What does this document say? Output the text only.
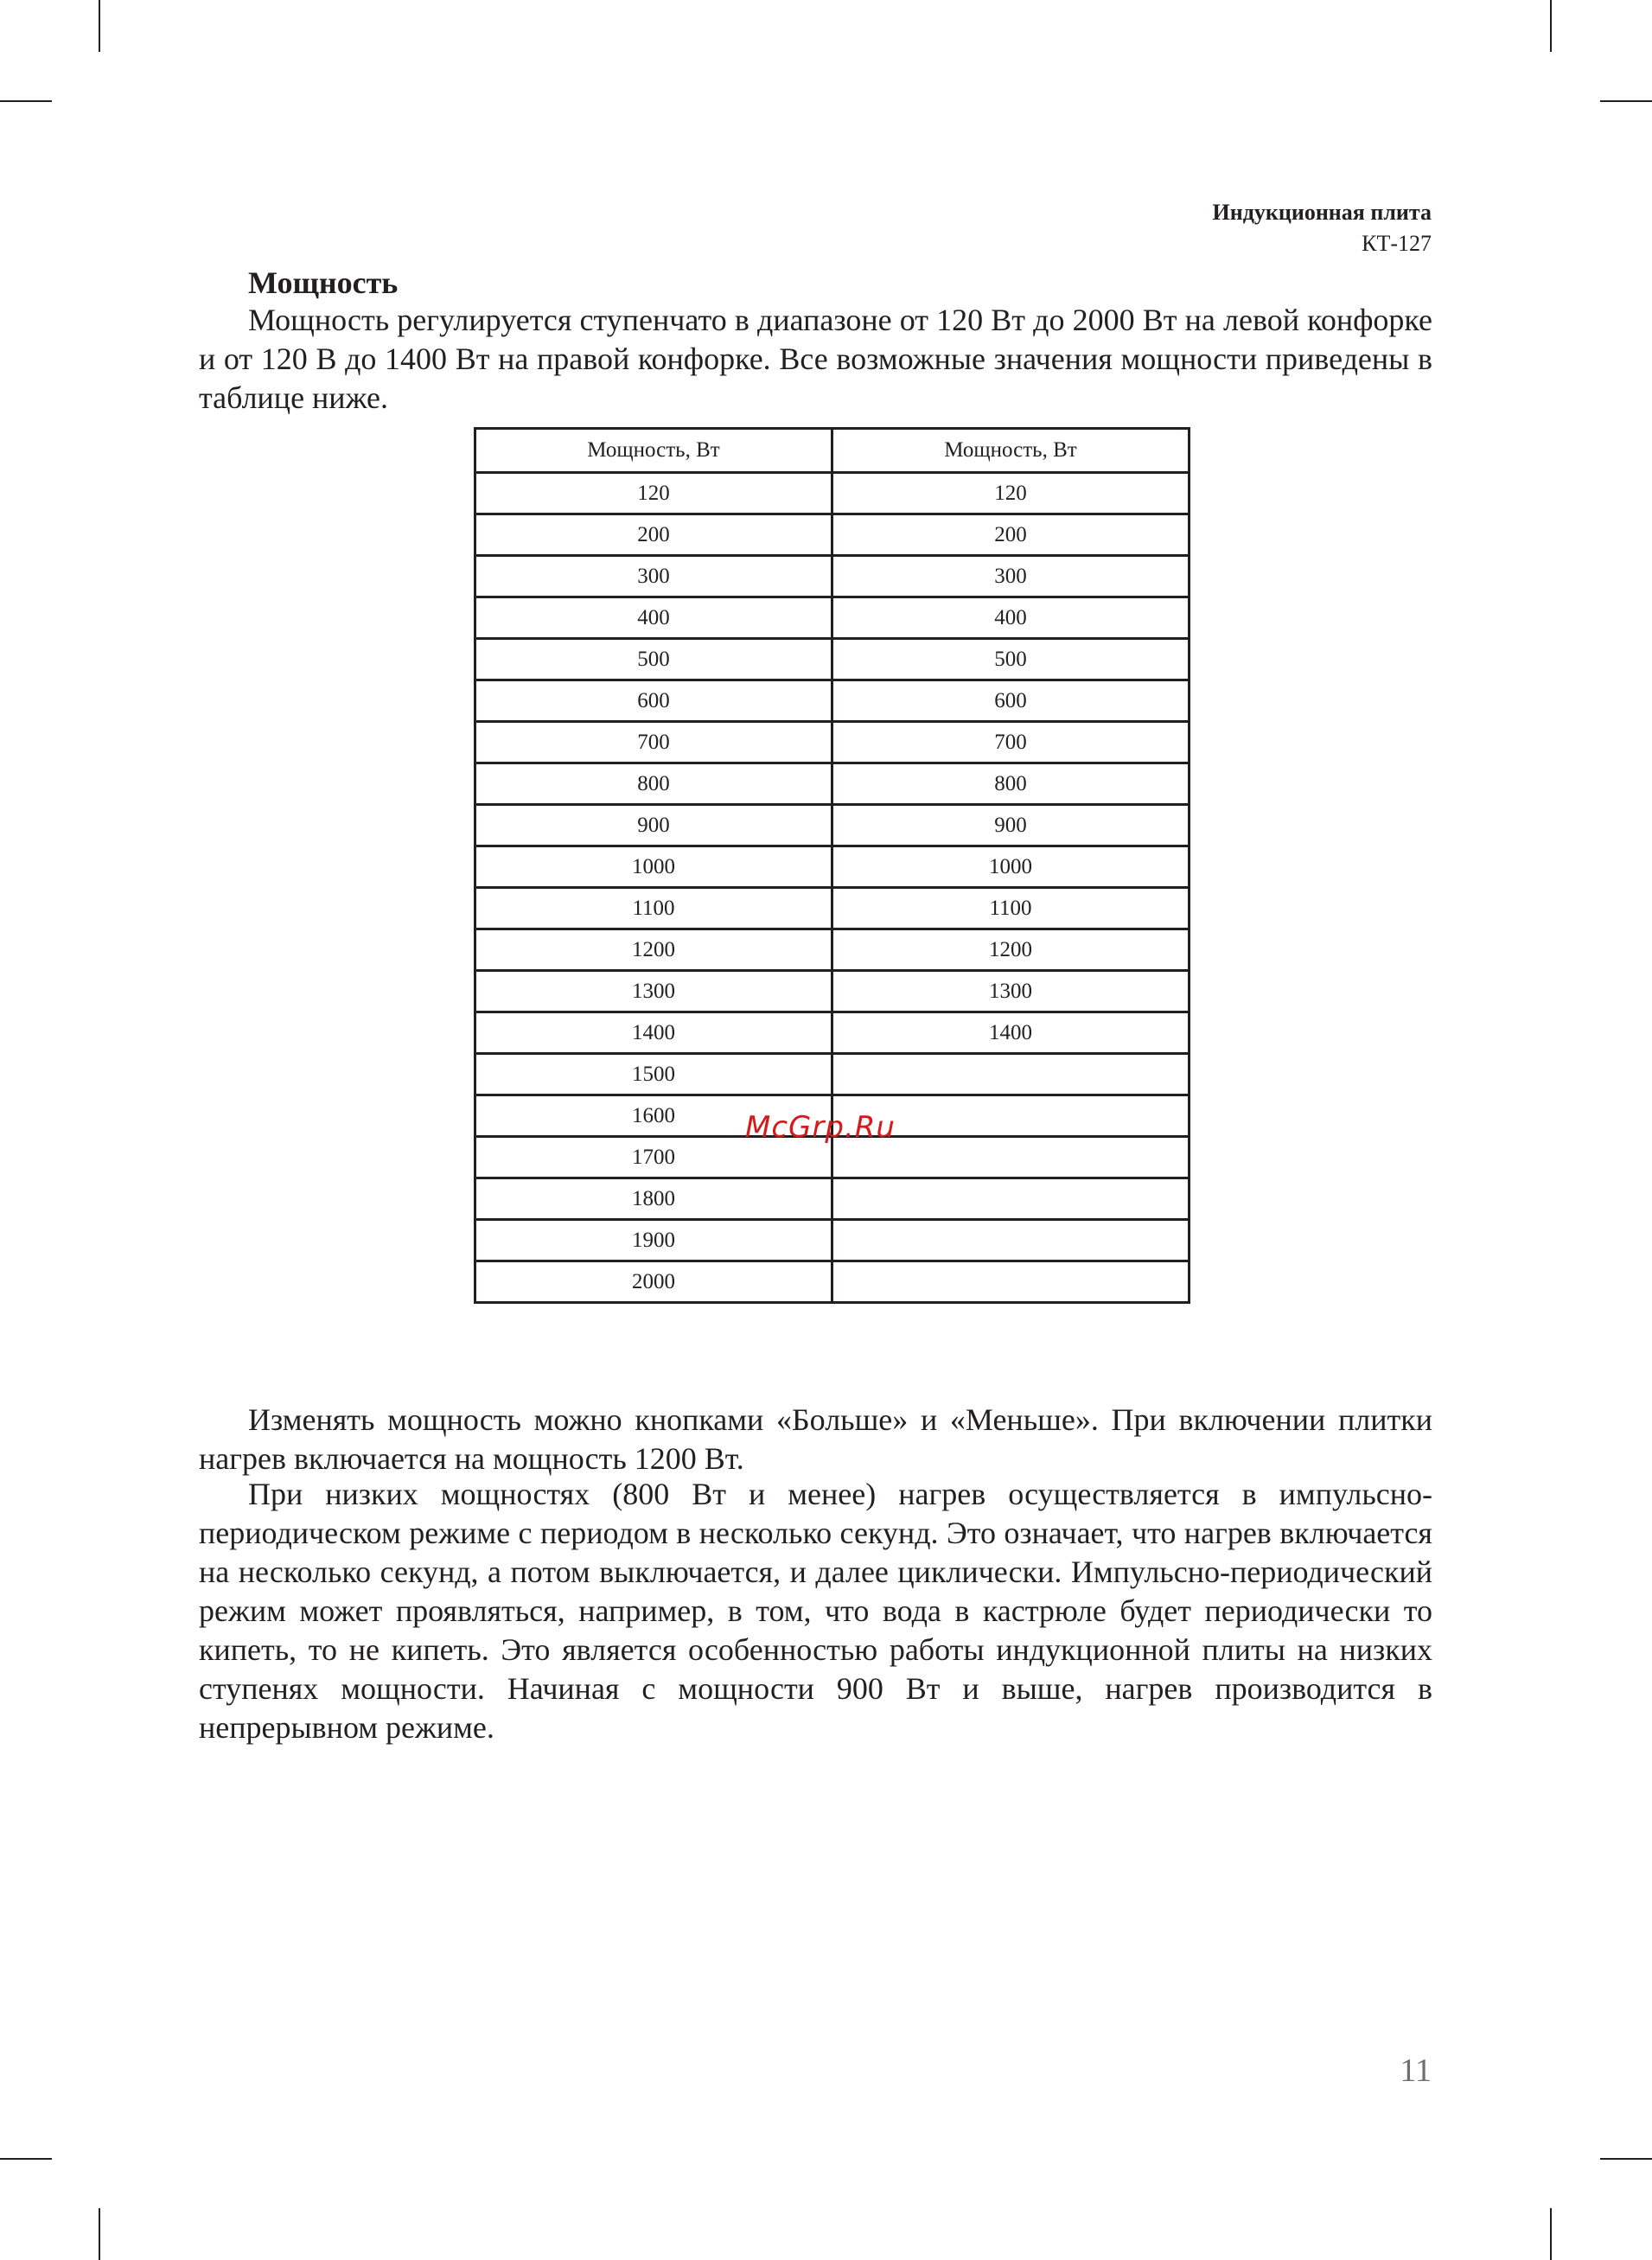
Индукционная плита
КТ-127
Мощность

Мощность регулируется ступенчато в диапазоне от 120 Вт до 2000 Вт на левой конфорке и от 120 В до 1400 Вт на правой конфорке. Все возможные значения мощности приведены в таблице ниже.

Мощность, Вт	Мощность, Вт
120	120
200	200
300	300
400	400
500	500
600	600
700	700
800	800
900	900
1000	1000
1100	1100
1200	1200
1300	1300
1400	1400
1500	
1600	
1700	
1800	
1900	
2000	
McGrp.Ru

Изменять мощность можно кнопками «Больше» и «Меньше». При включении плитки нагрев включается на мощность 1200 Вт.

При низких мощностях (800 Вт и менее) нагрев осуществляется в импульсно-периодическом режиме с периодом в несколько секунд. Это означает, что нагрев включается на несколько секунд, а потом выключается, и далее циклически. Импульсно-периодический режим может проявляться, например, в том, что вода в кастрюле будет периодически то кипеть, то не кипеть. Это является особенностью работы индукционной плиты на низких ступенях мощности. Начиная с мощности 900 Вт и выше, нагрев производится в непрерывном режиме.

11
